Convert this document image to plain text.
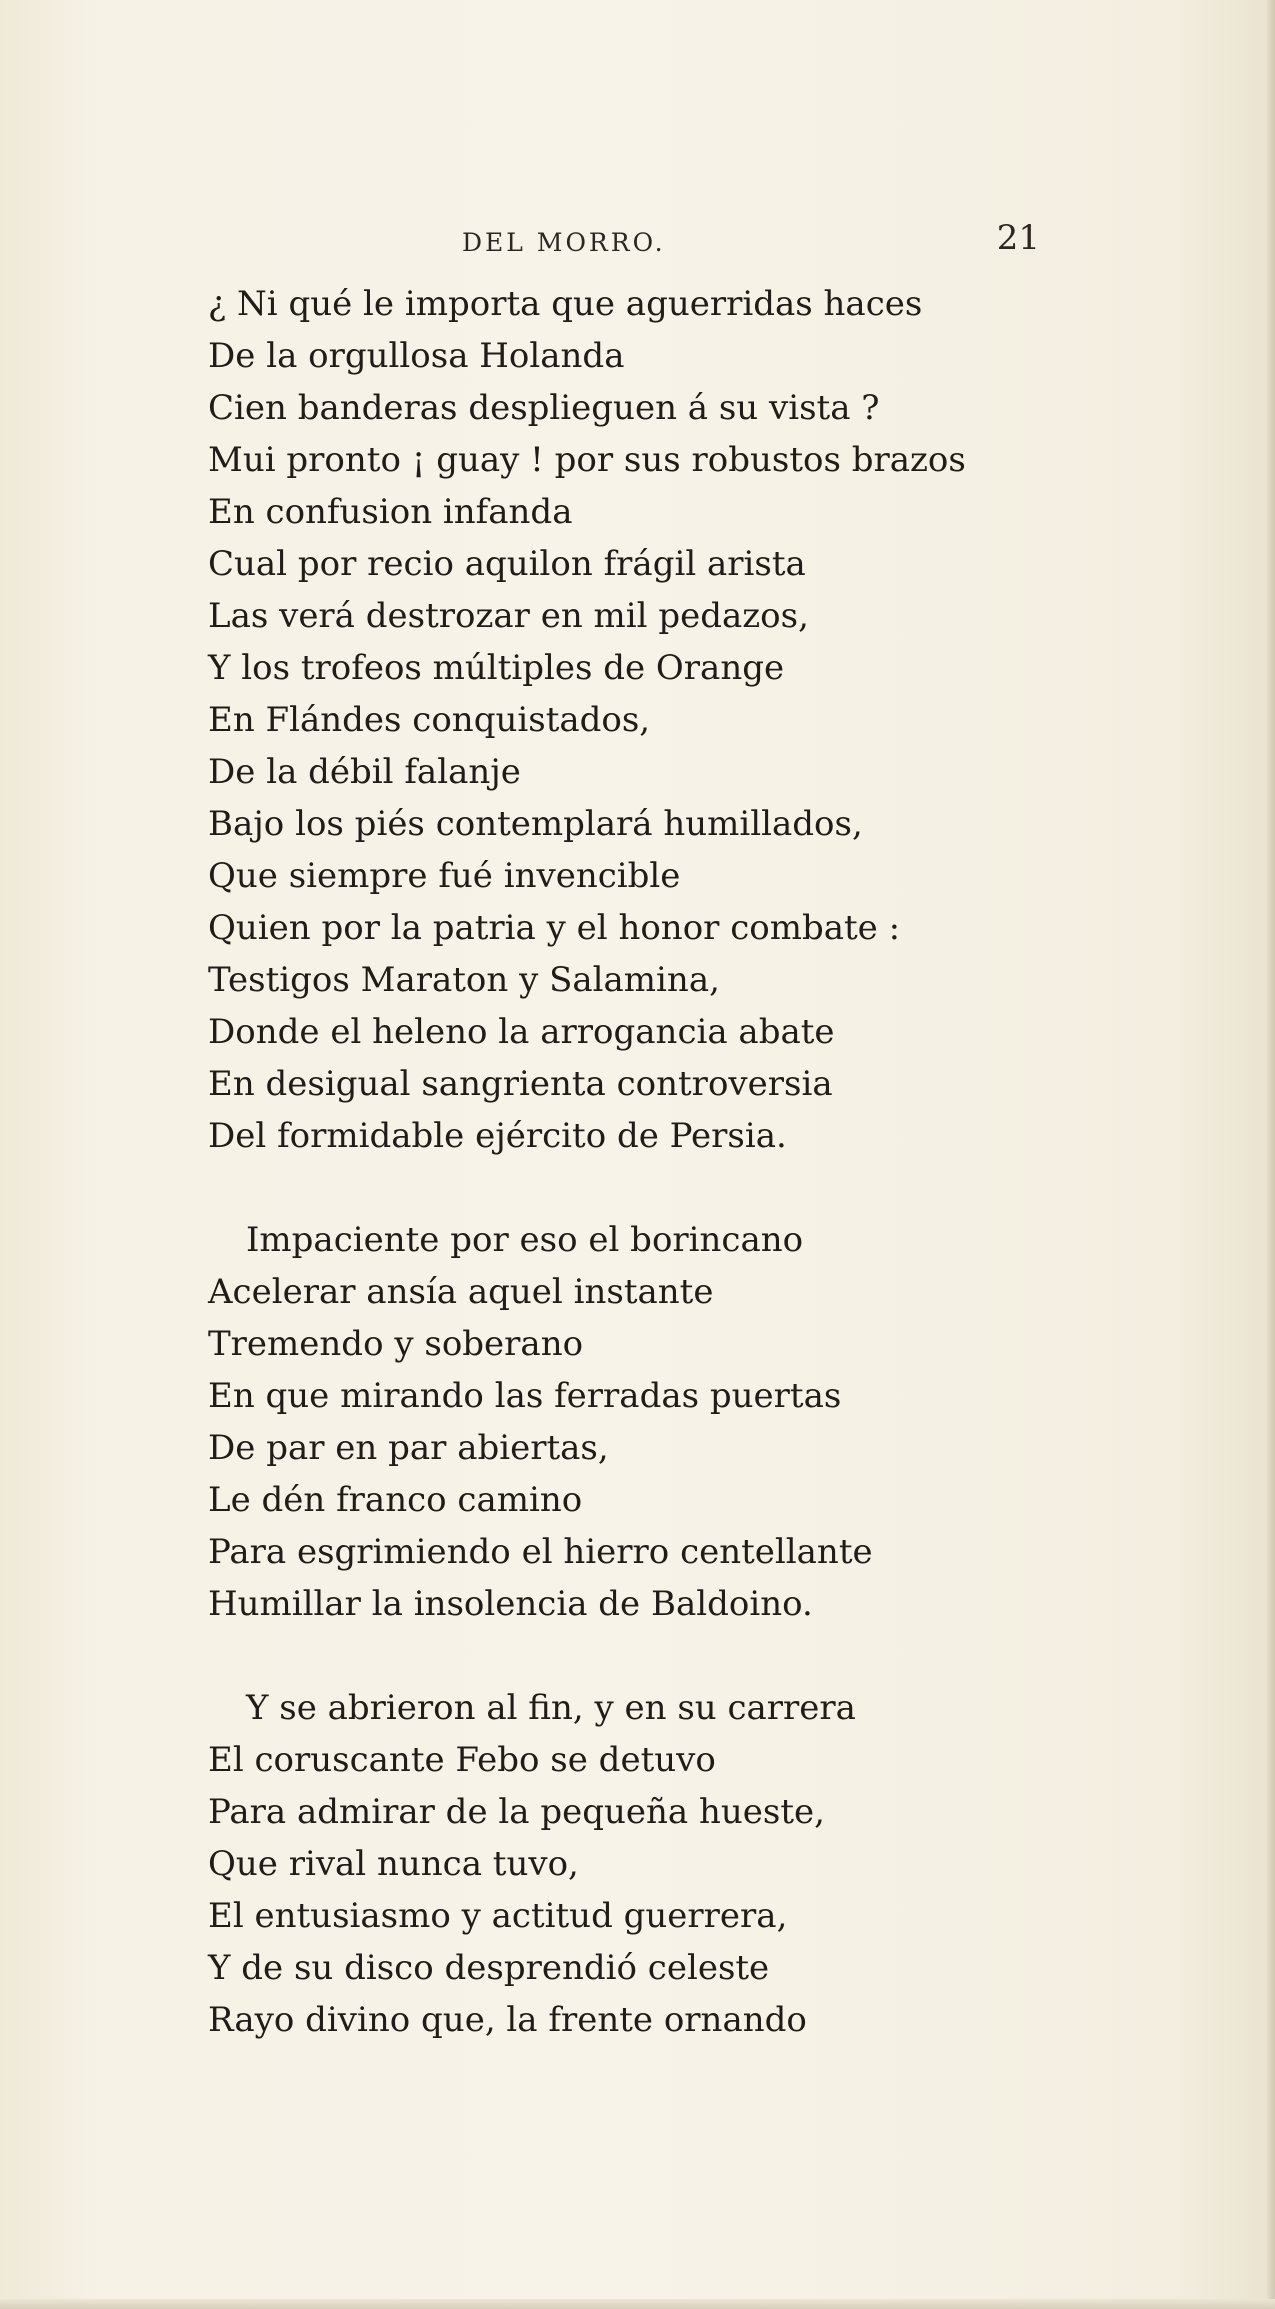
DEL MORRO.	21

¿ Ni qué le importa que aguerridas haces
De la orgullosa Holanda
Cien banderas desplieguen á su vista ?
Mui pronto ¡ guay ! por sus robustos brazos
En confusion infanda
Cual por recio aquilon frágil arista
Las verá destrozar en mil pedazos,
Y los trofeos múltiples de Orange
En Flándes conquistados,
De la débil falanje
Bajo los piés contemplará humillados,
Que siempre fué invencible
Quien por la patria y el honor combate :
Testigos Maraton y Salamina,
Donde el heleno la arrogancia abate
En desigual sangrienta controversia
Del formidable ejército de Persia.

Impaciente por eso el borincano
Acelerar ansía aquel instante
Tremendo y soberano
En que mirando las ferradas puertas
De par en par abiertas,
Le dén franco camino
Para esgrimiendo el hierro centellante
Humillar la insolencia de Baldoino.

Y se abrieron al fin, y en su carrera
El coruscante Febo se detuvo
Para admirar de la pequeña hueste,
Que rival nunca tuvo,
El entusiasmo y actitud guerrera,
Y de su disco desprendió celeste
Rayo divino que, la frente ornando
